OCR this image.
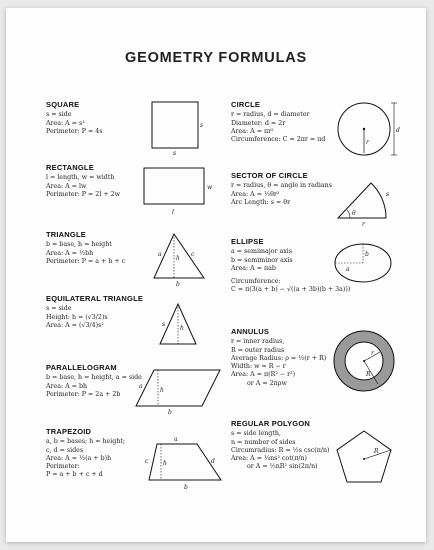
GEOMETRY FORMULAS
SQUARE

s = side

Area: A = s²

Perimeter: P = 4s

RECTANGLE

l = length, w = width

Area: A = lw

Perimeter: P = 2l + 2w

TRIANGLE

b = base, h = height

Area: A = ½bh

Perimeter: P = a + b + c

EQUILATERAL TRIANGLE

s = side

Height: h = (√3/2)s

Area: A = (√3/4)s²

PARALLELOGRAM

b = base, h = height, a = side

Area: A = bh

Perimeter: P = 2a + 2b

TRAPEZOID

a, b = bases; h = height;

c, d = sides

Area: A = ½(a + b)h

Perimeter:

P = a + b + c + d

CIRCLE

r = radius, d = diameter

Diameter: d = 2r

Area: A = πr²

Circumference: C = 2πr = πd

SECTOR OF CIRCLE

r = radius, θ = angle in radians

Area: A = ½θr²

Arc Length: s = θr

ELLIPSE

a = semimajor axis

b = semiminor axis

Area: A = πab

Circumference:

C ≈ π(3(a + b) − √((a + 3b)(b + 3a)))

ANNULUS

r = inner radius,

R = outer radius

Average Radius: ρ = ½(r + R)

Width: w = R − r

Area: A = π(R² − r²)

or A = 2πρw

REGULAR POLYGON

s = side length,

n = number of sides

Circumradius: R = ½s csc(π/n)

Area: A = ¼ns² cot(π/n)

or A = ½nR² sin(2π/n)

s
s
w
l
a	c
h
b
s
h
a
h
b
a
c h	d
b
r
d
θ
s
r
a
b
r
R
R
